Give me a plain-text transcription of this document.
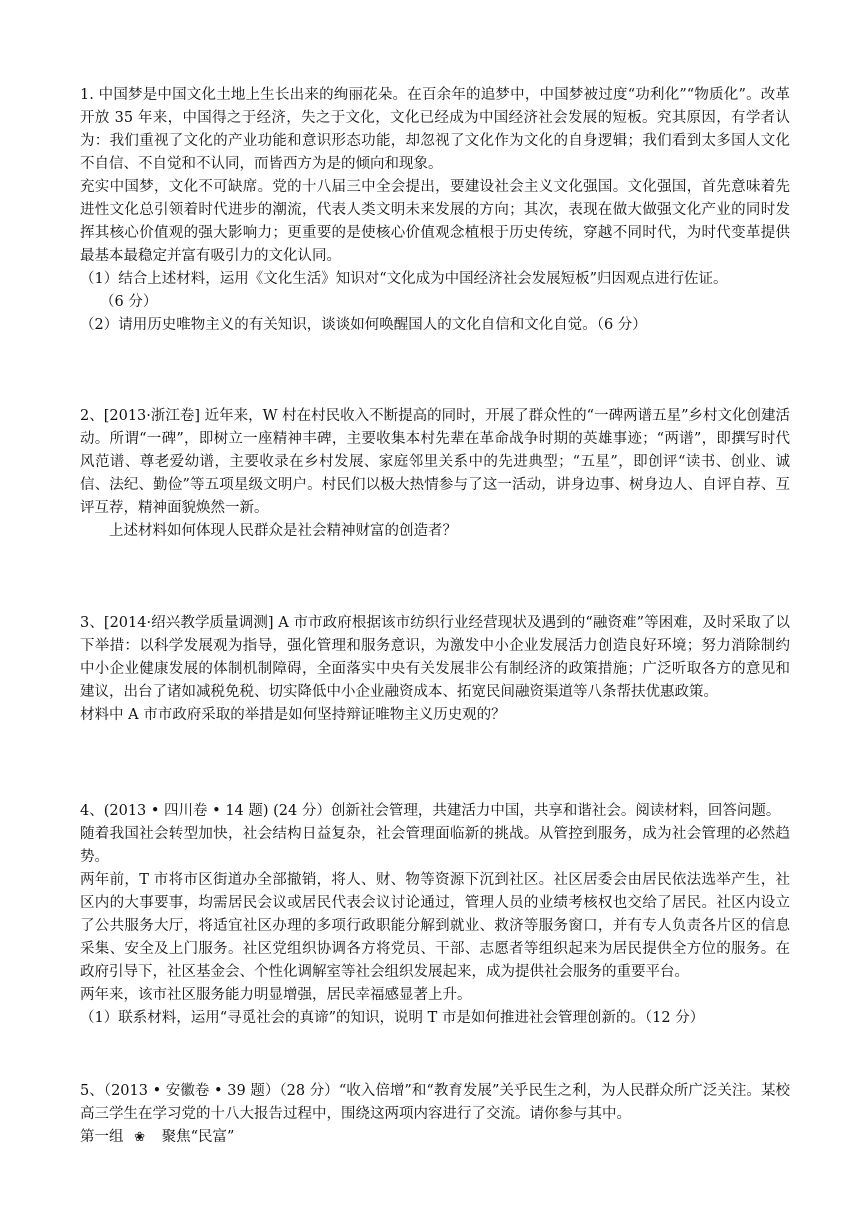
1. 中国梦是中国文化土地上生长出来的绚丽花朵。在百余年的追梦中，中国梦被过度“功利化”“物质化”。改革开放 35 年来，中国得之于经济，失之于文化，文化已经成为中国经济社会发展的短板。究其原因，有学者认为：我们重视了文化的产业功能和意识形态功能，却忽视了文化作为文化的自身逻辑；我们看到太多国人文化不自信、不自觉和不认同，而皆西方为是的倾向和现象。

充实中国梦，文化不可缺席。党的十八届三中全会提出，要建设社会主义文化强国。文化强国，首先意味着先进性文化总引领着时代进步的潮流，代表人类文明未来发展的方向；其次，表现在做大做强文化产业的同时发挥其核心价值观的强大影响力；更重要的是使核心价值观念植根于历史传统，穿越不同时代，为时代变革提供最基本最稳定并富有吸引力的文化认同。

（1）结合上述材料，运用《文化生活》知识对“文化成为中国经济社会发展短板”归因观点进行佐证。

（6 分）

（2）请用历史唯物主义的有关知识，谈谈如何唤醒国人的文化自信和文化自觉。（6 分）

2、[2013·浙江卷] 近年来，W 村在村民收入不断提高的同时，开展了群众性的“一碑两谱五星”乡村文化创建活动。所谓“一碑”，即树立一座精神丰碑，主要收集本村先辈在革命战争时期的英雄事迹；“两谱”，即撰写时代风范谱、尊老爱幼谱，主要收录在乡村发展、家庭邻里关系中的先进典型；“五星”，即创评“读书、创业、诚信、法纪、勤俭”等五项星级文明户。村民们以极大热情参与了这一活动，讲身边事、树身边人、自评自荐、互评互荐，精神面貌焕然一新。

上述材料如何体现人民群众是社会精神财富的创造者？

3、[2014·绍兴教学质量调测] A 市市政府根据该市纺织行业经营现状及遇到的“融资难”等困难，及时采取了以下举措：以科学发展观为指导，强化管理和服务意识，为激发中小企业发展活力创造良好环境；努力消除制约中小企业健康发展的体制机制障碍，全面落实中央有关发展非公有制经济的政策措施；广泛听取各方的意见和建议，出台了诸如减税免税、切实降低中小企业融资成本、拓宽民间融资渠道等八条帮扶优惠政策。

材料中 A 市市政府采取的举措是如何坚持辩证唯物主义历史观的？

4、(2013 • 四川卷 • 14 题) (24 分）创新社会管理，共建活力中国，共享和谐社会。阅读材料，回答问题。

随着我国社会转型加快，社会结构日益复杂，社会管理面临新的挑战。从管控到服务，成为社会管理的必然趋势。

两年前，T 市将市区街道办全部撤销，将人、财、物等资源下沉到社区。社区居委会由居民依法选举产生，社区内的大事要事，均需居民会议或居民代表会议讨论通过，管理人员的业绩考核权也交给了居民。社区内设立了公共服务大厅，将适宜社区办理的多项行政职能分解到就业、救济等服务窗口，并有专人负责各片区的信息采集、安全及上门服务。社区党组织协调各方将党员、干部、志愿者等组织起来为居民提供全方位的服务。在政府引导下，社区基金会、个性化调解室等社会组织发展起来，成为提供社会服务的重要平台。

两年来，该市社区服务能力明显增强，居民幸福感显著上升。

（1）联系材料，运用“寻觅社会的真谛”的知识，说明 T 市是如何推进社会管理创新的。（12 分）

5、（2013 • 安徽卷 • 39 题）（28 分）“收入倍增”和“教育发展”关乎民生之利，为人民群众所广泛关注。某校高三学生在学习党的十八大报告过程中，围绕这两项内容进行了交流。请你参与其中。

第一组 ❀ 聚焦“民富”
